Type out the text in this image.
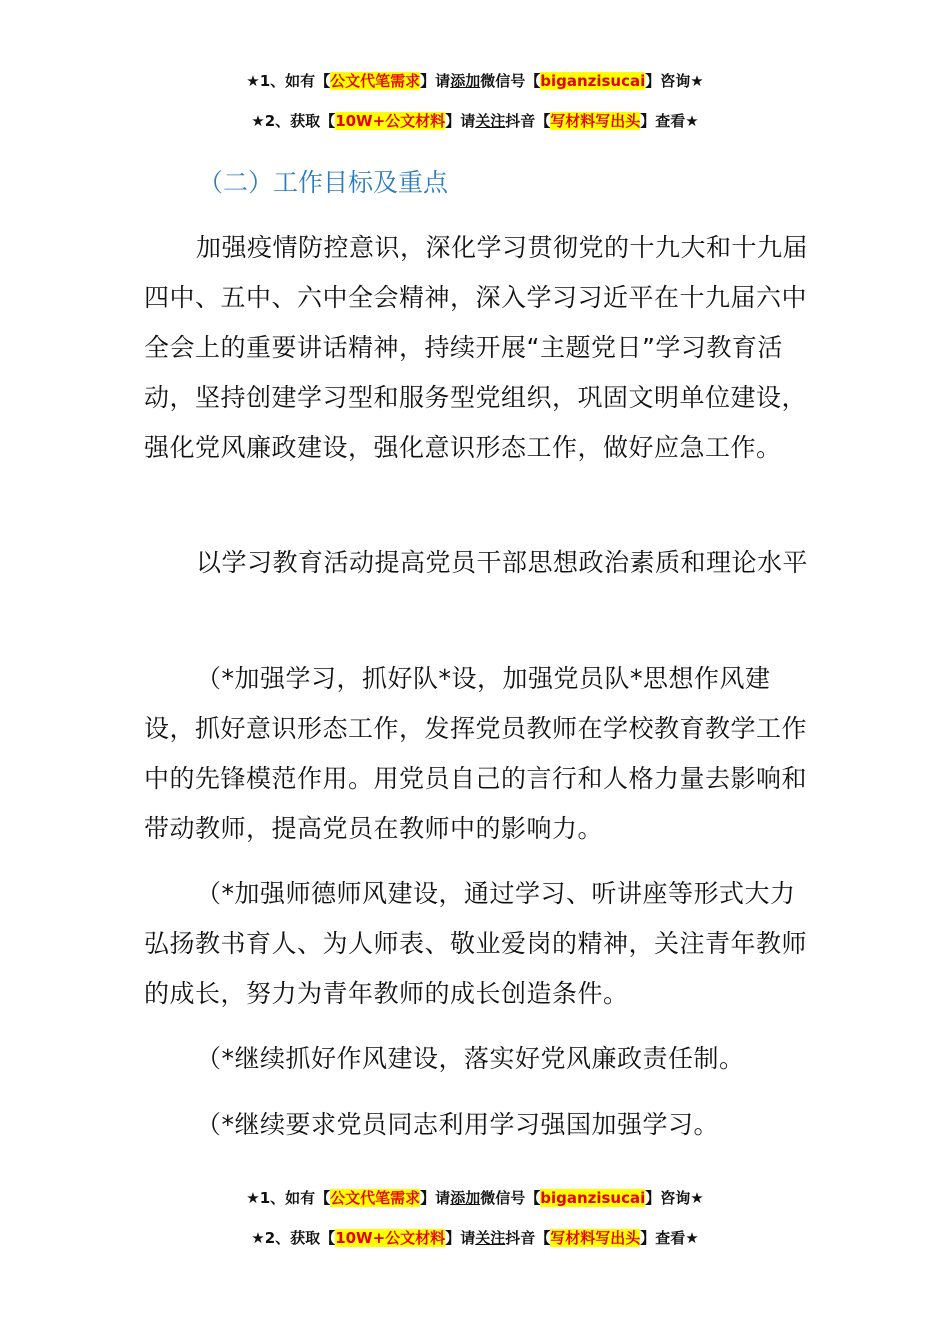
★1、如有【公文代笔需求】请添加微信号【biganzisucai】咨询★
★2、获取【10W+公文材料】请关注抖音【写材料写出头】查看★
（二）工作目标及重点
加强疫情防控意识，深化学习贯彻党的十九大和十九届四中、五中、六中全会精神，深入学习习近平在十九届六中全会上的重要讲话精神，持续开展“主题党日”学习教育活动，坚持创建学习型和服务型党组织，巩固文明单位建设，强化党风廉政建设，强化意识形态工作，做好应急工作。
以学习教育活动提高党员干部思想政治素质和理论水平
（*加强学习，抓好队*设，加强党员队*思想作风建设，抓好意识形态工作，发挥党员教师在学校教育教学工作中的先锋模范作用。用党员自己的言行和人格力量去影响和带动教师，提高党员在教师中的影响力。
（*加强师德师风建设，通过学习、听讲座等形式大力弘扬教书育人、为人师表、敬业爱岗的精神，关注青年教师的成长，努力为青年教师的成长创造条件。
（*继续抓好作风建设，落实好党风廉政责任制。
（*继续要求党员同志利用学习强国加强学习。
★1、如有【公文代笔需求】请添加微信号【biganzisucai】咨询★
★2、获取【10W+公文材料】请关注抖音【写材料写出头】查看★
